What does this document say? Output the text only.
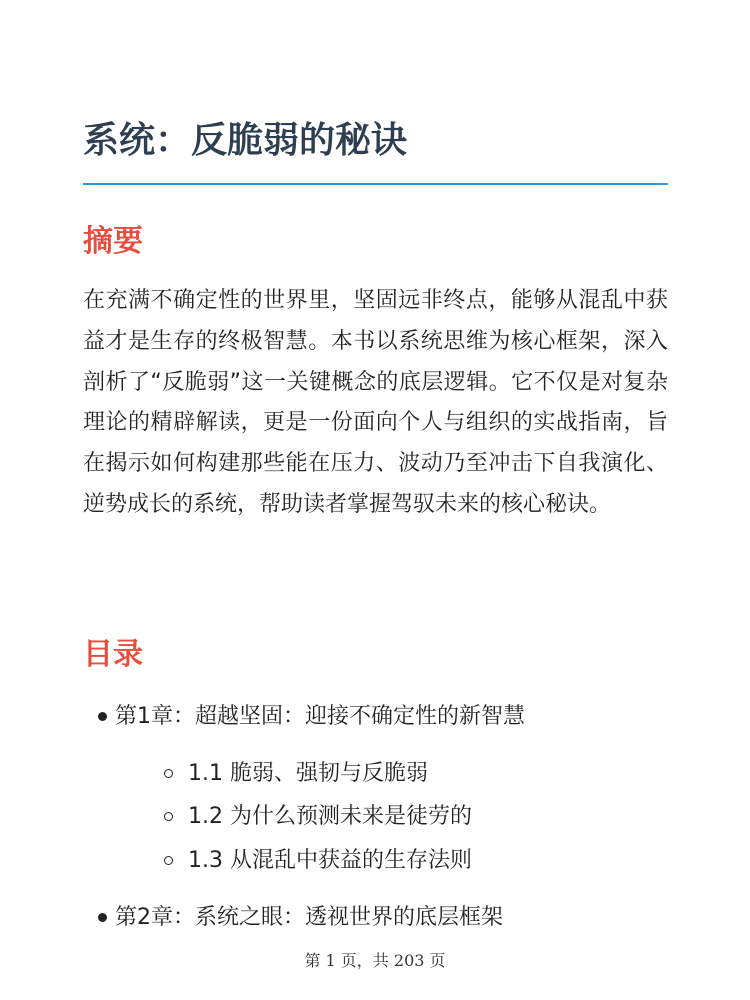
系统：反脆弱的秘诀
摘要

在充满不确定性的世界里，坚固远非终点，能够从混乱中获益才是生存的终极智慧。本书以系统思维为核心框架，深入剖析了“反脆弱”这一关键概念的底层逻辑。它不仅是对复杂理论的精辟解读，更是一份面向个人与组织的实战指南，旨在揭示如何构建那些能在压力、波动乃至冲击下自我演化、逆势成长的系统，帮助读者掌握驾驭未来的核心秘诀。

目录
第1章：超越坚固：迎接不确定性的新智慧
1.1 脆弱、强韧与反脆弱
1.2 为什么预测未来是徒劳的
1.3 从混乱中获益的生存法则
第2章：系统之眼：透视世界的底层框架
第 1 页，共 203 页
